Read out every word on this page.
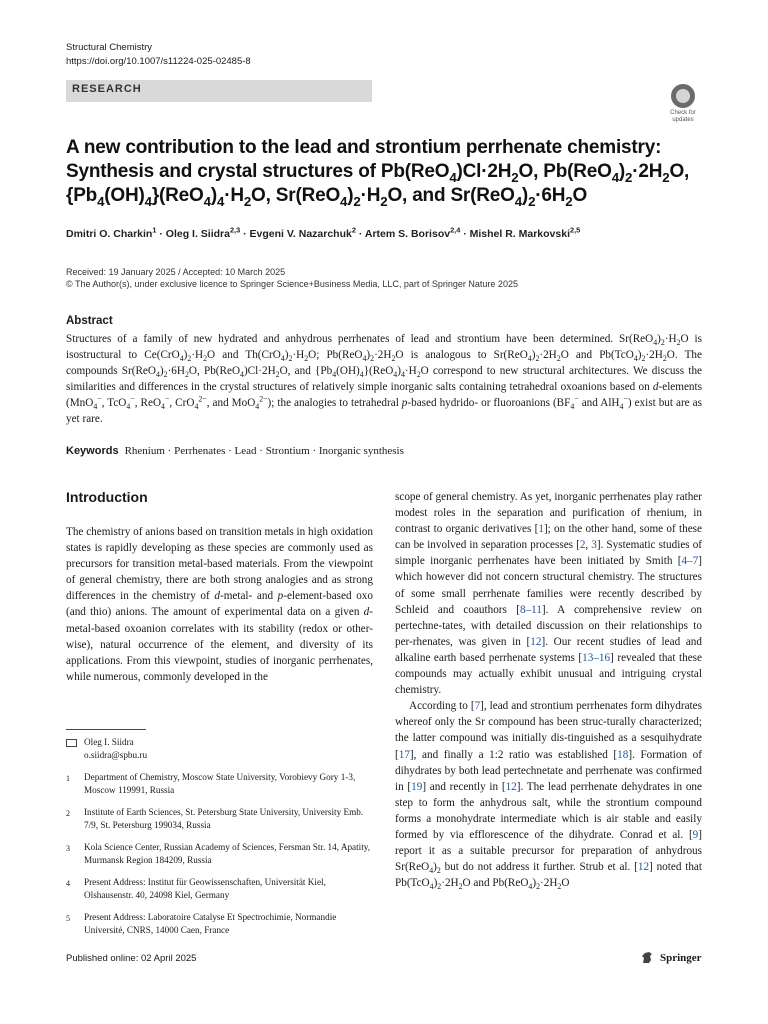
Structural Chemistry
https://doi.org/10.1007/s11224-025-02485-8
RESEARCH
Check for updates
A new contribution to the lead and strontium perrhenate chemistry: Synthesis and crystal structures of $Pb(ReO_4)Cl\cdot 2H_2O$, $Pb(ReO_4)_2\cdot 2H_2O$, $\{Pb_4(OH)_4\}(ReO_4)_4\cdot H_2O$, $Sr(ReO_4)_2\cdot H_2O$, and $Sr(ReO_4)_2\cdot 6H_2O$
Dmitri O. Charkin$^1$ · Oleg I. Siidra$^{2,3}$ · Evgeni V. Nazarchuk$^2$ · Artem S. Borisov$^{2,4}$ · Mishel R. Markovski$^{2,5}$
Received: 19 January 2025 / Accepted: 10 March 2025
© The Author(s), under exclusive licence to Springer Science+Business Media, LLC, part of Springer Nature 2025
Abstract
Structures of a family of new hydrated and anhydrous perrhenates of lead and strontium have been determined. $Sr(ReO_4)_2\cdot H_2O$ is isostructural to $Ce(CrO_4)_2\cdot H_2O$ and $Th(CrO_4)_2\cdot H_2O$; $Pb(ReO_4)_2\cdot 2H_2O$ is analogous to $Sr(ReO_4)_2\cdot 2H_2O$ and $Pb(TcO_4)_2\cdot 2H_2O$. The compounds $Sr(ReO_4)_2\cdot 6H_2O$, $Pb(ReO_4)Cl\cdot 2H_2O$, and $\{Pb_4(OH)_4\}(ReO_4)_4\cdot H_2O$ correspond to new structural architectures. We discuss the similarities and differences in the crystal structures of relatively simple inorganic salts containing tetrahedral oxoanions based on d-elements (MnO$_4$−, TcO$_4$−, ReO$_4$−, CrO$_4^{2-}$, and MoO$_4^{2-}$); the analogies to tetrahedral p-based hydrido- or fluoroanions ($BF_4^-$ and AlH$_4$−) exist but are as yet rare.
Keywords Rhenium · Perrhenates · Lead · Strontium · Inorganic synthesis
Introduction

The chemistry of anions based on transition metals in high oxidation states is rapidly developing as these species are commonly used as precursors for transition metal-based materials. From the viewpoint of general chemistry, there are both strong analogies and as strong differences in the chemistry of d-metal- and p-element-based oxo (and thio) anions. The amount of experimental data on a given d-metal-based oxoanion correlates with its stability (redox or other-wise), natural occurrence of the element, and diversity of its applications. From this viewpoint, studies of inorganic perrhenates, while numerous, commonly developed in the

scope of general chemistry. As yet, inorganic perrhenates play rather modest roles in the separation and purification of rhenium, in contrast to organic derivatives [1]; on the other hand, some of these can be involved in separation processes [2, 3]. Systematic studies of simple inorganic perrhenates have been initiated by Smith [4–7] which however did not concern structural chemistry. The structures of some small perrhenate families were recently described by Schleid and coauthors [8–11]. A comprehensive review on pertechne-tates, with detailed discussion on their relationships to per-rhenates, was given in [12]. Our recent studies of lead and alkaline earth based perrhenate systems [13–16] revealed that these compounds may actually exhibit unusual and intriguing crystal chemistry.

According to [7], lead and strontium perrhenates form dihydrates whereof only the Sr compound has been struc-turally characterized; the latter compound was initially dis-tinguished as a sesquihydrate [17], and finally a 1:2 ratio was established [18]. Formation of dihydrates by both lead pertechnetate and perrhenate was confirmed in [19] and recently in [12]. The lead perrhenate dehydrates in one step to form the anhydrous salt, while the strontium compound forms a monohydrate intermediate which is air stable and easily formed by via efflorescence of the dihydrate. Conrad et al. [9] report it as a suitable precursor for preparation of anhydrous $Sr(ReO_4)_2$ but do not address it further. Strub et al. [12] noted that $Pb(TcO_4)_2\cdot 2H_2O$ and $Pb(ReO_4)_2\cdot 2H_2O$

Oleg I. Siidra
o.siidra@spbu.ru
1	Department of Chemistry, Moscow State University, Vorobievy Gory 1-3, Moscow 119991, Russia
2	Institute of Earth Sciences, St. Petersburg State University, University Emb. 7/9, St. Petersburg 199034, Russia
3	Kola Science Center, Russian Academy of Sciences, Fersman Str. 14, Apatity, Murmansk Region 184209, Russia
4	Present Address: Institut für Geowissenschaften, Universität Kiel, Olshausenstr. 40, 24098 Kiel, Germany
5	Present Address: Laboratoire Catalyse Et Spectrochimie, Normandie Université, CNRS, 14000 Caen, France
Published online: 02 April 2025	Springer
